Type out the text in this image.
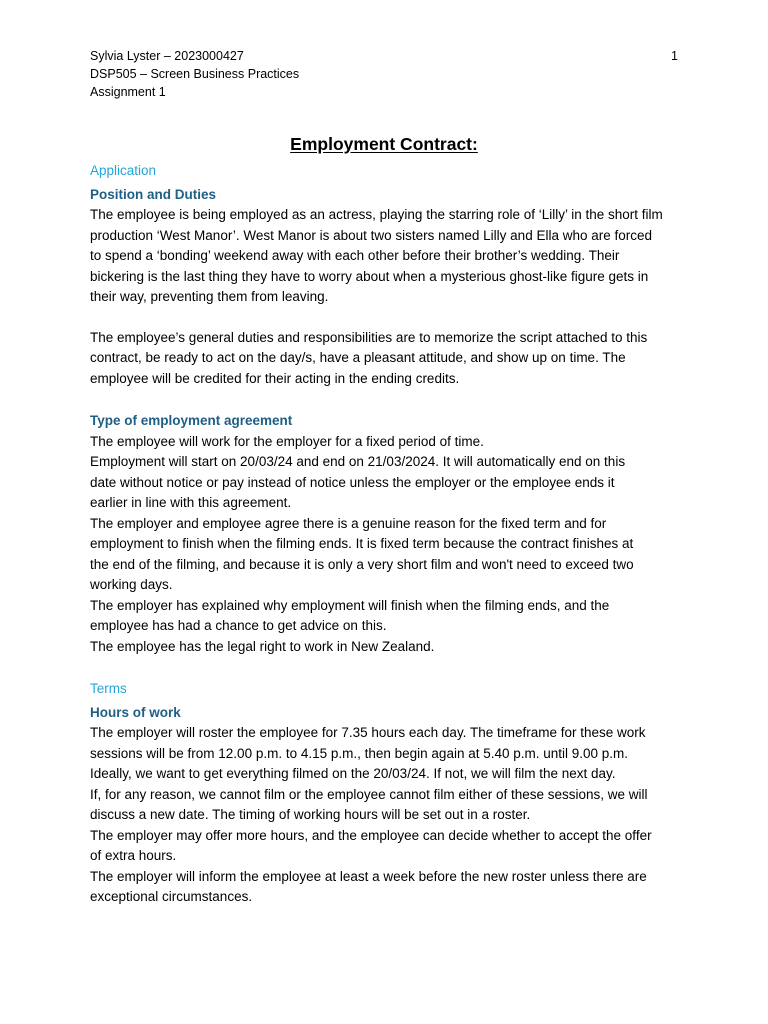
Sylvia Lyster – 2023000427
DSP505 – Screen Business Practices
Assignment 1
1
Employment Contract:
Application
Position and Duties
The employee is being employed as an actress, playing the starring role of ‘Lilly’ in the short film
production ‘West Manor’. West Manor is about two sisters named Lilly and Ella who are forced
to spend a ‘bonding’ weekend away with each other before their brother’s wedding. Their
bickering is the last thing they have to worry about when a mysterious ghost-like figure gets in
their way, preventing them from leaving.
The employee’s general duties and responsibilities are to memorize the script attached to this
contract, be ready to act on the day/s, have a pleasant attitude, and show up on time. The
employee will be credited for their acting in the ending credits.
Type of employment agreement
The employee will work for the employer for a fixed period of time.
Employment will start on 20/03/24 and end on 21/03/2024. It will automatically end on this
date without notice or pay instead of notice unless the employer or the employee ends it
earlier in line with this agreement.
The employer and employee agree there is a genuine reason for the fixed term and for
employment to finish when the filming ends. It is fixed term because the contract finishes at
the end of the filming, and because it is only a very short film and won't need to exceed two
working days.
The employer has explained why employment will finish when the filming ends, and the
employee has had a chance to get advice on this.
The employee has the legal right to work in New Zealand.
Terms
Hours of work
The employer will roster the employee for 7.35 hours each day. The timeframe for these work
sessions will be from 12.00 p.m. to 4.15 p.m., then begin again at 5.40 p.m. until 9.00 p.m.
Ideally, we want to get everything filmed on the 20/03/24. If not, we will film the next day.
If, for any reason, we cannot film or the employee cannot film either of these sessions, we will
discuss a new date. The timing of working hours will be set out in a roster.
The employer may offer more hours, and the employee can decide whether to accept the offer
of extra hours.
The employer will inform the employee at least a week before the new roster unless there are
exceptional circumstances.
